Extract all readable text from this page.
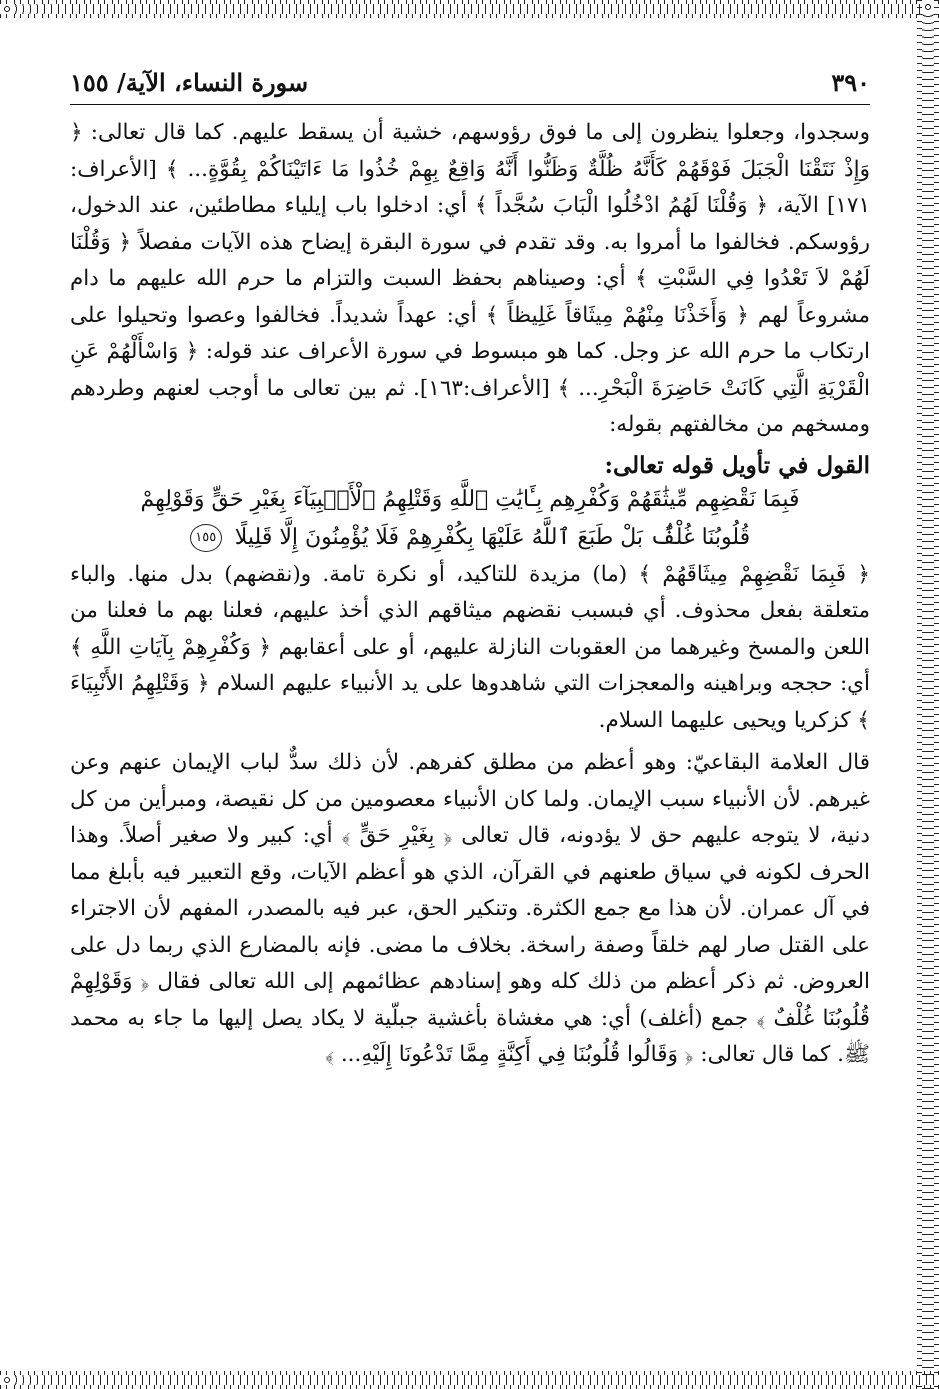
٣٩٠
سورة النساء، الآية/ ١٥٥

وسجدوا، وجعلوا ينظرون إلى ما فوق رؤوسهم، خشية أن يسقط عليهم. كما قال تعالى: ﴿ وَإِذْ نَتَقْنَا الْجَبَلَ فَوْقَهُمْ كَأَنَّهُ ظُلَّةٌ وَظَنُّوا أَنَّهُ وَاقِعٌ بِهِمْ خُذُوا مَا ءَاتَيْنَاكُمْ بِقُوَّةٍ... ﴾ [الأعراف: ١٧١] الآية، ﴿ وَقُلْنَا لَهُمُ ادْخُلُوا الْبَابَ سُجَّداً ﴾ أي: ادخلوا باب إيلياء مطاطئين، عند الدخول، رؤوسكم. فخالفوا ما أمروا به. وقد تقدم في سورة البقرة إيضاح هذه الآيات مفصلاً ﴿ وَقُلْنَا لَهُمْ لاَ تَعْدُوا فِي السَّبْتِ ﴾ أي: وصيناهم بحفظ السبت والتزام ما حرم الله عليهم ما دام مشروعاً لهم ﴿ وَأَخَذْنَا مِنْهُمْ مِيثَاقاً غَلِيظاً ﴾ أي: عهداً شديداً. فخالفوا وعصوا وتحيلوا على ارتكاب ما حرم الله عز وجل. كما هو مبسوط في سورة الأعراف عند قوله: ﴿ وَاسْأَلْهُمْ عَنِ الْقَرْيَةِ الَّتِي كَانَتْ حَاضِرَةَ الْبَحْرِ... ﴾ [الأعراف:١٦٣]. ثم بين تعالى ما أوجب لعنهم وطردهم ومسخهم من مخالفتهم بقوله:

القول في تأويل قوله تعالى:
فَبِمَا نَقْضِهِم مِّيثَٰقَهُمْ وَكُفْرِهِم بِـَٔايَٰتِ ٱللَّهِ وَقَتْلِهِمُ ٱلْأَنۢبِيَآءَ بِغَيْرِ حَقٍّ وَقَوْلِهِمْ
قُلُوبُنَا غُلْفٌۢ بَلْ طَبَعَ ٱللَّهُ عَلَيْهَا بِكُفْرِهِمْ فَلَا يُؤْمِنُونَ إِلَّا قَلِيلًا ١٥٥

﴿ فَبِمَا نَقْضِهِمْ مِيثَاقَهُمْ ﴾ (ما) مزيدة للتاكيد، أو نكرة تامة. و(نقضهم) بدل منها. والباء متعلقة بفعل محذوف. أي فبسبب نقضهم ميثاقهم الذي أخذ عليهم، فعلنا بهم ما فعلنا من اللعن والمسخ وغيرهما من العقوبات النازلة عليهم، أو على أعقابهم ﴿ وَكُفْرِهِمْ بِآيَاتِ اللَّهِ ﴾ أي: حججه وبراهينه والمعجزات التي شاهدوها على يد الأنبياء عليهم السلام ﴿ وَقَتْلِهِمُ الأَنْبِيَاءَ ﴾ كزكريا ويحيى عليهما السلام.

قال العلامة البقاعيّ: وهو أعظم من مطلق كفرهم. لأن ذلك سدٌّ لباب الإيمان عنهم وعن غيرهم. لأن الأنبياء سبب الإيمان. ولما كان الأنبياء معصومين من كل نقيصة، ومبرأين من كل دنية، لا يتوجه عليهم حق لا يؤدونه، قال تعالى ﴿ بِغَيْرِ حَقٍّ ﴾ أي: كبير ولا صغير أصلاً. وهذا الحرف لكونه في سياق طعنهم في القرآن، الذي هو أعظم الآيات، وقع التعبير فيه بأبلغ مما في آل عمران. لأن هذا مع جمع الكثرة. وتنكير الحق، عبر فيه بالمصدر، المفهم لأن الاجتراء على القتل صار لهم خلقاً وصفة راسخة. بخلاف ما مضى. فإنه بالمضارع الذي ربما دل على العروض. ثم ذكر أعظم من ذلك كله وهو إسنادهم عظائمهم إلى الله تعالى فقال ﴿ وَقَوْلِهِمْ قُلُوبُنَا غُلْفٌ ﴾ جمع (أغلف) أي: هي مغشاة بأغشية جبلّية لا يكاد يصل إليها ما جاء به محمد ﷺ. كما قال تعالى: ﴿ وَقَالُوا قُلُوبُنَا فِي أَكِنَّةٍ مِمَّا تَدْعُونَا إِلَيْهِ... ﴾
